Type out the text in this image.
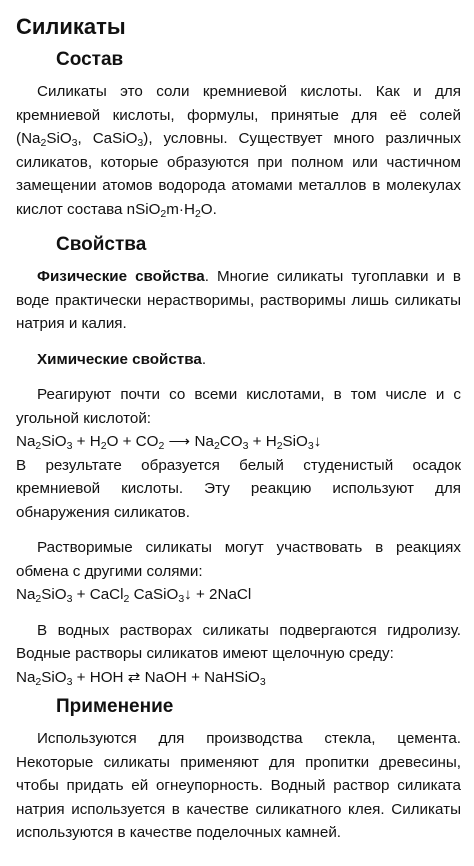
Силикаты
Состав

Силикаты это соли кремниевой кислоты. Как и для кремниевой кислоты, формулы, принятые для её солей ($Na_2SiO_3$, CaSiO$_3$), условны. Существует много различных силикатов, которые образуются при полном или частичном замещении атомов водорода атомами металлов в молекулах кислот состава $nSiO_2m\cdot H_2O$.

Свойства

Физические свойства. Многие силикаты тугоплавки и в воде практически нерастворимы, растворимы лишь силикаты натрия и калия.

Химические свойства.

Реагируют почти со всеми кислотами, в том числе и с угольной кислотой:

$Na_2SiO_3 + H_2O + CO_2$ ⟶ $Na_2CO_3$ + $H_2SiO_3↓$

В результате образуется белый студенистый осадок кремниевой кислоты. Эту реакцию используют для обнаружения силикатов.

Растворимые силикаты могут участвовать в реакциях обмена с другими солями:

$Na_2SiO_3$ + CaCl$_2$ CaSiO$_3$↓ + 2NaCl

В водных растворах силикаты подвергаются гидролизу. Водные растворы силикатов имеют щелочную среду:

$Na_2SiO_3$ + HOH ⇄ NaOH + NaHSiO$_3$
Применение

Используются для производства стекла, цемента. Некоторые силикаты применяют для пропитки древесины, чтобы придать ей огнеупорность. Водный раствор силиката натрия используется в качестве силикатного клея. Силикаты используются в качестве поделочных камней.
